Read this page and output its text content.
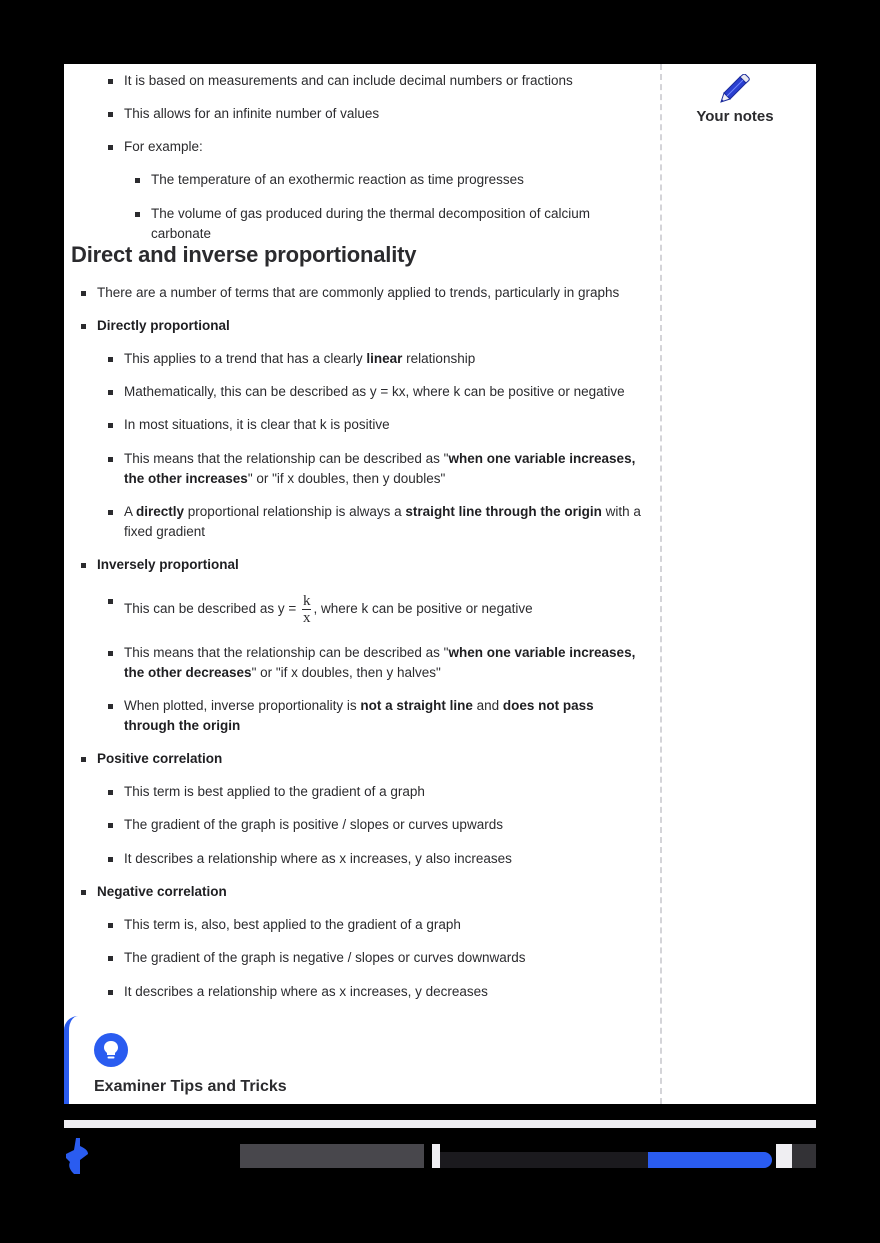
It is based on measurements and can include decimal numbers or fractions
This allows for an infinite number of values
For example:
The temperature of an exothermic reaction as time progresses
The volume of gas produced during the thermal decomposition of calcium carbonate
Direct and inverse proportionality
There are a number of terms that are commonly applied to trends, particularly in graphs
Directly proportional
This applies to a trend that has a clearly linear relationship
Mathematically, this can be described as y = kx, where k can be positive or negative
In most situations, it is clear that k is positive
This means that the relationship can be described as "when one variable increases, the other increases" or "if x doubles, then y doubles"
A directly proportional relationship is always a straight line through the origin with a fixed gradient
Inversely proportional
This can be described as $y = \frac{k}{x}$ , where k can be positive or negative
This means that the relationship can be described as "when one variable increases, the other decreases" or "if x doubles, then y halves"
When plotted, inverse proportionality is not a straight line and does not pass through the origin
Positive correlation
This term is best applied to the gradient of a graph
The gradient of the graph is positive / slopes or curves upwards
It describes a relationship where as x increases, y also increases
Negative correlation
This term is, also, best applied to the gradient of a graph
The gradient of the graph is negative / slopes or curves downwards
It describes a relationship where as x increases, y decreases
Examiner Tips and Tricks
Your notes
